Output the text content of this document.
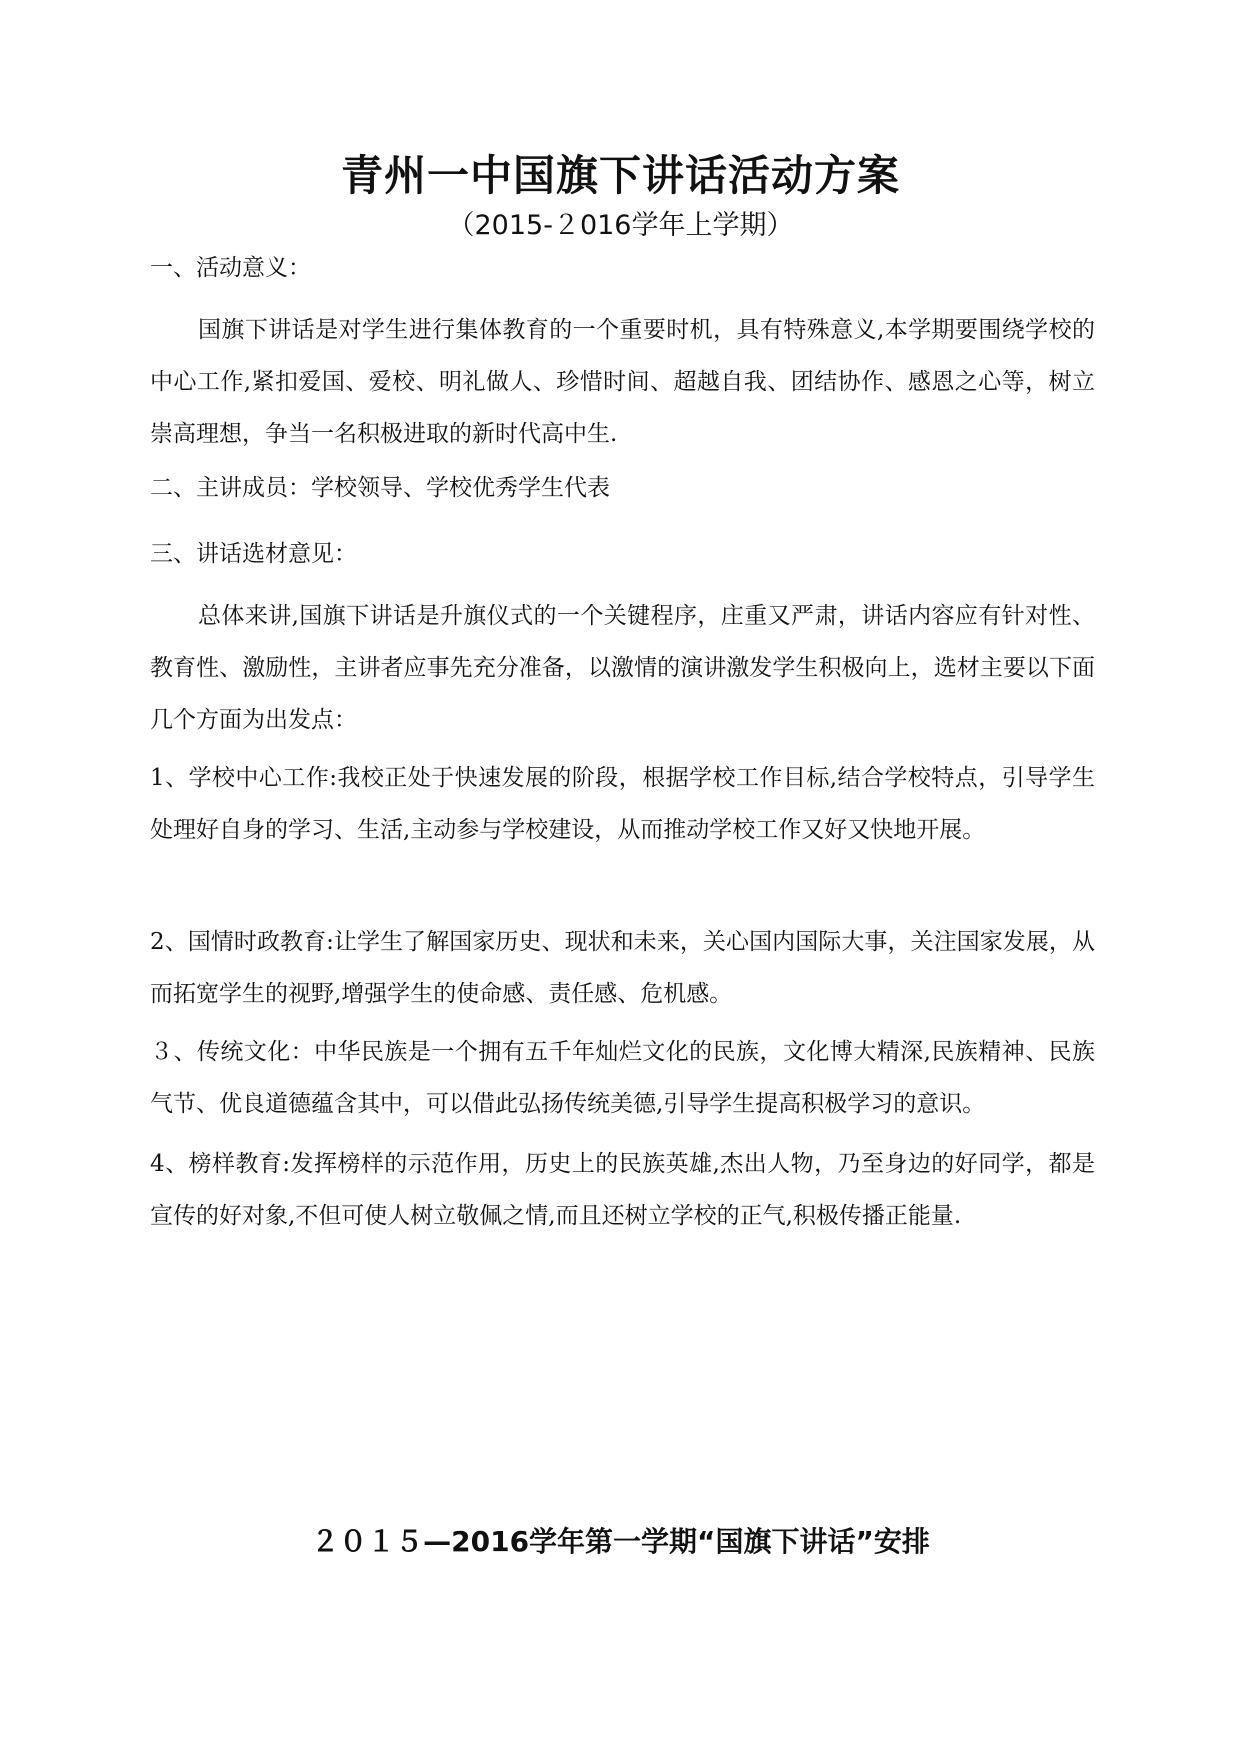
青州一中国旗下讲话活动方案
（2015-２016学年上学期）

一、活动意义：

国旗下讲话是对学生进行集体教育的一个重要时机，具有特殊意义,本学期要围绕学校的中心工作,紧扣爱国、爱校、明礼做人、珍惜时间、超越自我、团结协作、感恩之心等，树立崇高理想，争当一名积极进取的新时代高中生.

二、主讲成员：学校领导、学校优秀学生代表

三、讲话选材意见：

总体来讲,国旗下讲话是升旗仪式的一个关键程序，庄重又严肃，讲话内容应有针对性、教育性、激励性，主讲者应事先充分准备，以激情的演讲激发学生积极向上，选材主要以下面几个方面为出发点：

1、学校中心工作:我校正处于快速发展的阶段，根据学校工作目标,结合学校特点，引导学生处理好自身的学习、生活,主动参与学校建设，从而推动学校工作又好又快地开展。

2、国情时政教育:让学生了解国家历史、现状和未来，关心国内国际大事，关注国家发展，从而拓宽学生的视野,增强学生的使命感、责任感、危机感。

３、传统文化：中华民族是一个拥有五千年灿烂文化的民族，文化博大精深,民族精神、民族气节、优良道德蕴含其中，可以借此弘扬传统美德,引导学生提高积极学习的意识。

4、榜样教育:发挥榜样的示范作用，历史上的民族英雄,杰出人物，乃至身边的好同学，都是宣传的好对象,不但可使人树立敬佩之情,而且还树立学校的正气,积极传播正能量.

２０１５—2016学年第一学期“国旗下讲话”安排
